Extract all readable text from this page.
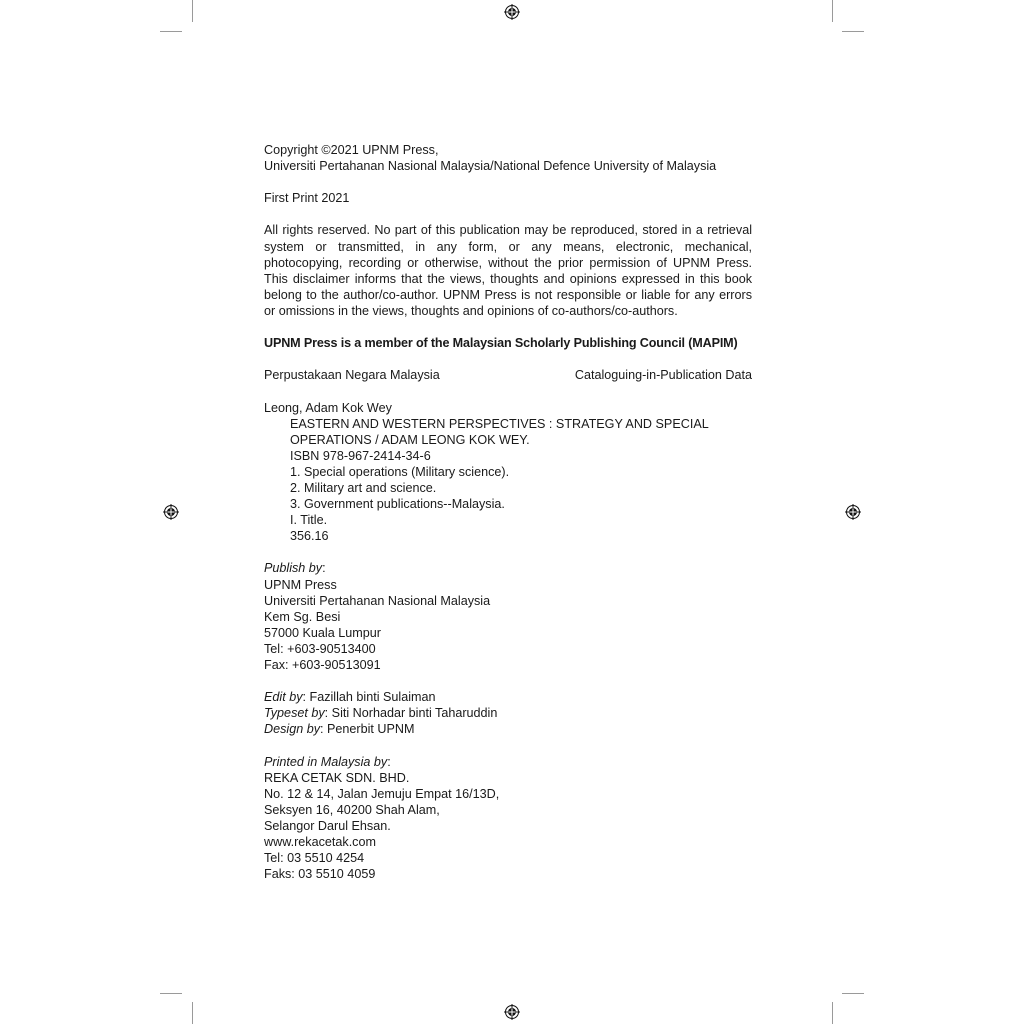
Copyright ©2021 UPNM Press,
Universiti Pertahanan Nasional Malaysia/National Defence University of Malaysia
First Print 2021
All rights reserved. No part of this publication may be reproduced, stored in a retrieval system or transmitted, in any form, or any means, electronic, mechanical, photocopying, recording or otherwise, without the prior permission of UPNM Press. This disclaimer informs that the views, thoughts and opinions expressed in this book belong to the author/co-author. UPNM Press is not responsible or liable for any errors or omissions in the views, thoughts and opinions of co-authors/co-authors.
UPNM Press is a member of the Malaysian Scholarly Publishing Council (MAPIM)
Perpustakaan Negara Malaysia	Cataloguing-in-Publication Data
Leong, Adam Kok Wey
EASTERN AND WESTERN PERSPECTIVES : STRATEGY AND SPECIAL
OPERATIONS / ADAM LEONG KOK WEY.
ISBN 978-967-2414-34-6
1. Special operations (Military science).
2. Military art and science.
3. Government publications--Malaysia.
I. Title.
356.16
Publish by:
UPNM Press
Universiti Pertahanan Nasional Malaysia
Kem Sg. Besi
57000 Kuala Lumpur
Tel: +603-90513400
Fax: +603-90513091
Edit by: Fazillah binti Sulaiman
Typeset by: Siti Norhadar binti Taharuddin
Design by: Penerbit UPNM
Printed in Malaysia by:
REKA CETAK SDN. BHD.
No. 12 & 14, Jalan Jemuju Empat 16/13D,
Seksyen 16, 40200 Shah Alam,
Selangor Darul Ehsan.
www.rekacetak.com
Tel: 03 5510 4254
Faks: 03 5510 4059
